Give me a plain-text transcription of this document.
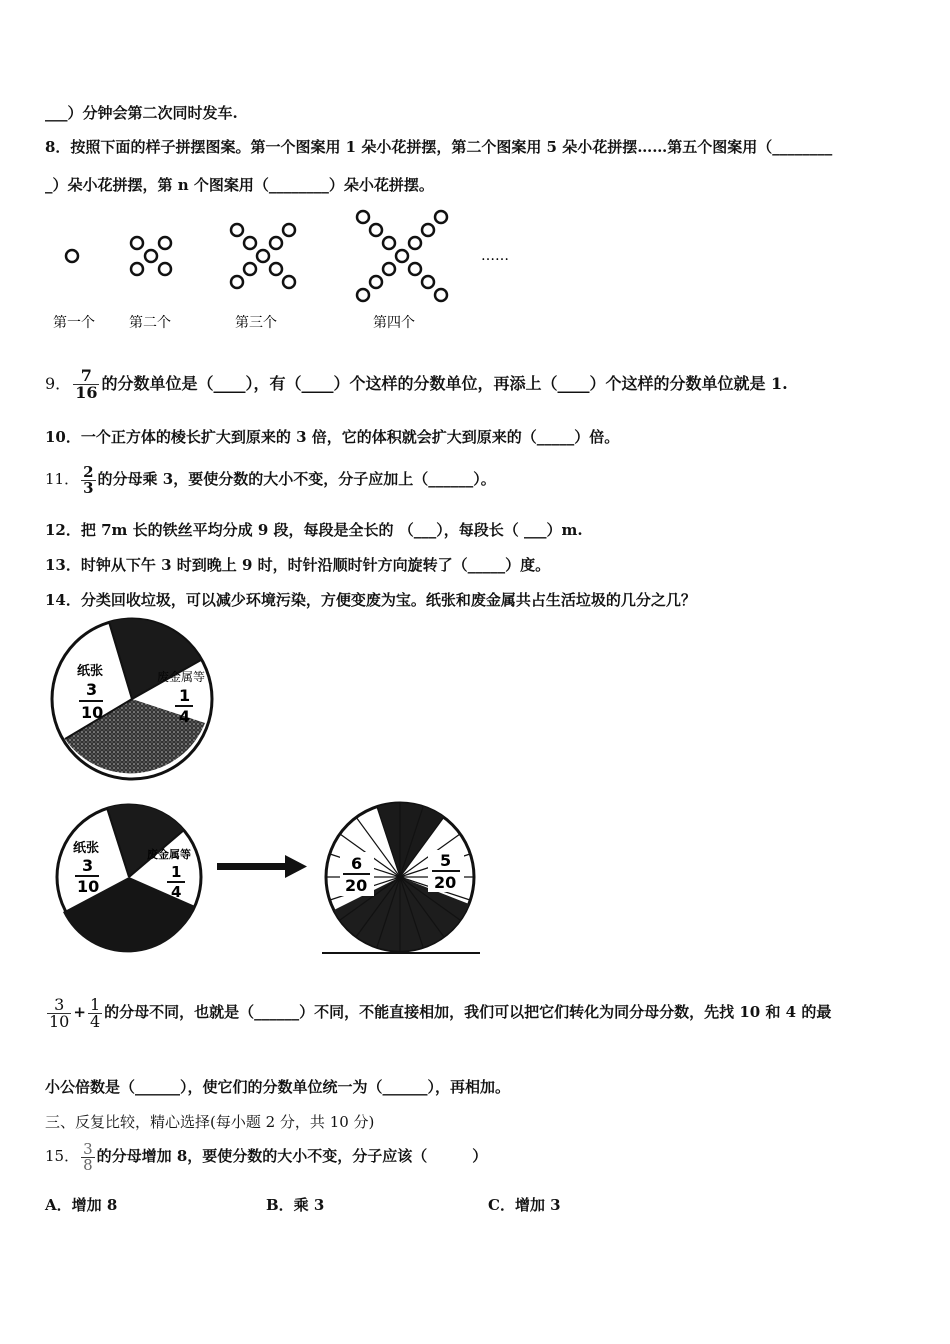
___）分钟会第二次同时发车.
8．按照下面的样子拼摆图案。第一个图案用 1 朵小花拼摆，第二个图案用 5 朵小花拼摆……第五个图案用（________
_）朵小花拼摆，第 n 个图案用（________）朵小花拼摆。
……
第一个 第二个	第三个	第四个
9． $\frac{7}{16}$ 的分数单位是（____），有（____）个这样的分数单位，再添上（____）个这样的分数单位就是 1.
10．一个正方体的棱长扩大到原来的 3 倍，它的体积就会扩大到原来的（_____）倍。
11． $\frac{2}{3}$ 的分母乘 3，要使分数的大小不变，分子应加上（______）。
12．把 7m 长的铁丝平均分成 9 段，每段是全长的 （___），每段长（ ___）m.
13．时钟从下午 3 时到晚上 9 时，时针沿顺时针方向旋转了（_____）度。
14．分类回收垃圾，可以减少环境污染，方便变废为宝。纸张和废金属共占生活垃圾的几分之几？
纸张
3
10
废金属等
1
4
纸张
3
10
废金属等
1
4
6
20
5
20
$\frac{3}{10} + \frac{1}{4}$ 的分母不同，也就是（______）不同，不能直接相加，我们可以把它们转化为同分母分数，先找 10 和 4 的最
小公倍数是（______），使它们的分数单位统一为（______），再相加。
三、反复比较，精心选择(每小题 2 分，共 10 分)
15． $\frac{3}{8}$ 的分母增加 8，要使分数的大小不变，分子应该（　　　）
A．增加 8	B．乘 3	C．增加 3
